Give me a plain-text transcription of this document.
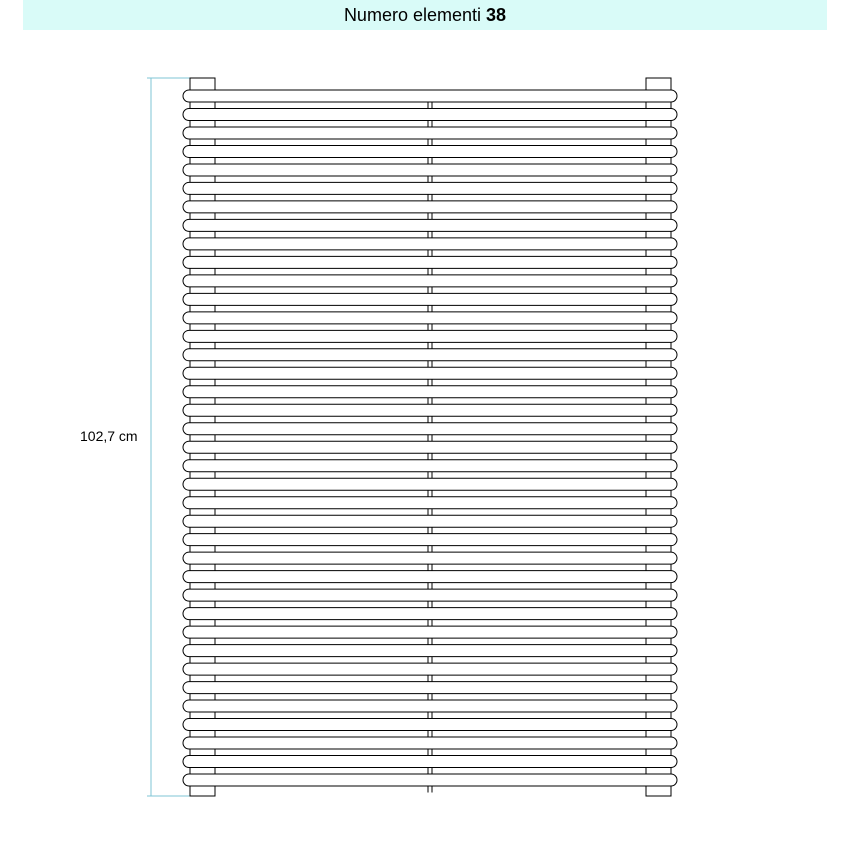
Numero elementi 38
102,7 cm
